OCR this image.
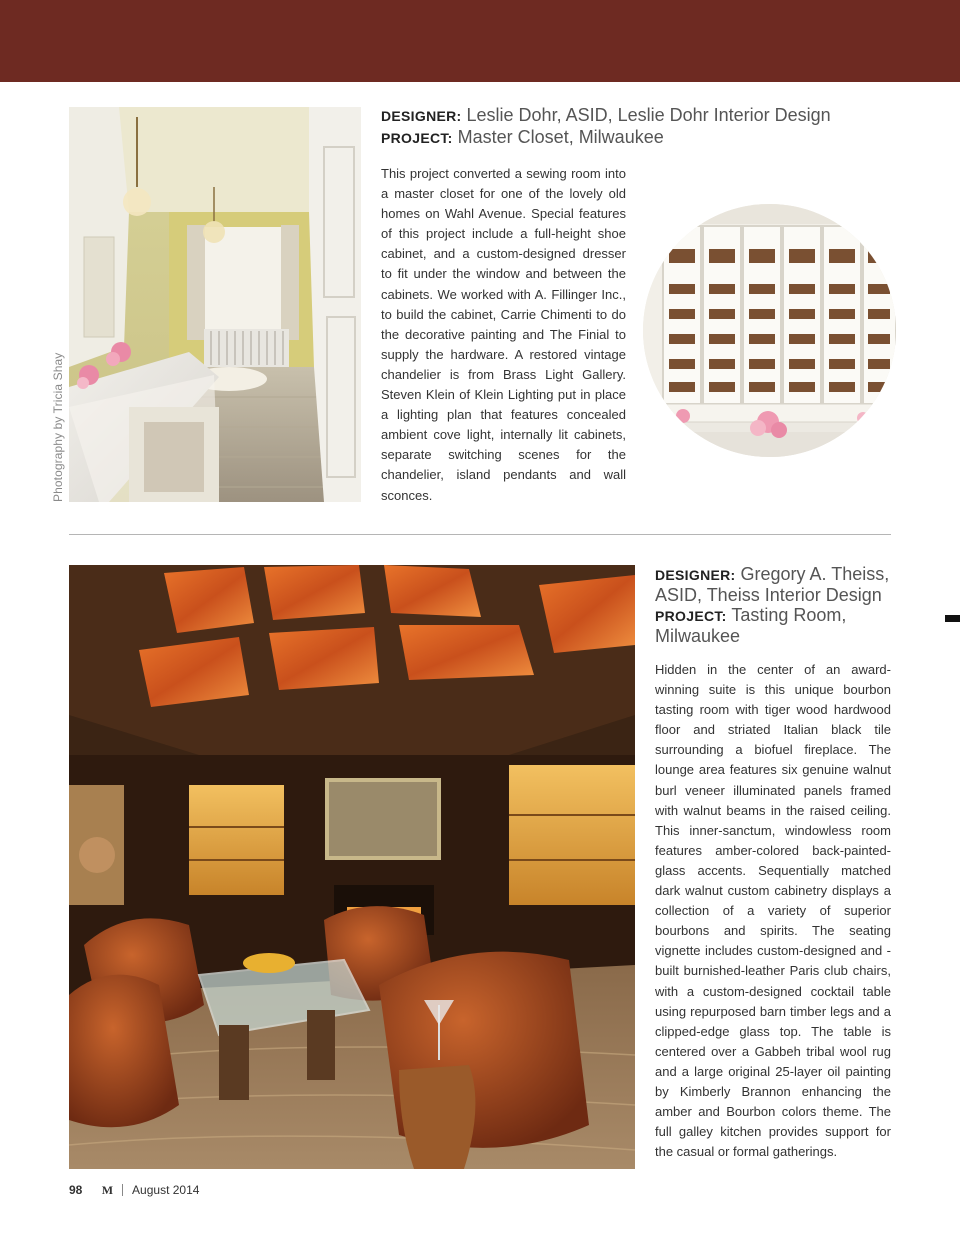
Photography by Tricia Shay
DESIGNER: Leslie Dohr, ASID, Leslie Dohr Interior Design
PROJECT: Master Closet, Milwaukee

This project converted a sewing room into a master closet for one of the lovely old homes on Wahl Avenue. Special features of this project include a full-height shoe cabinet, and a custom-designed dresser to fit under the window and between the cabinets. We worked with A. Fillinger Inc., to build the cabinet, Carrie Chimenti to do the decorative painting and The Finial to supply the hardware. A restored vintage chandelier is from Brass Light Gallery. Steven Klein of Klein Lighting put in place a lighting plan that features concealed ambient cove light, internally lit cabinets, separate switching scenes for the chandelier, island pendants and wall sconces.

DESIGNER: Gregory A. Theiss, ASID, Theiss Interior Design
PROJECT: Tasting Room, Milwaukee

Hidden in the center of an award-winning suite is this unique bourbon tasting room with tiger wood hardwood floor and striated Italian black tile surrounding a biofuel fireplace. The lounge area features six genuine walnut burl veneer illuminated panels framed with walnut beams in the raised ceiling. This inner-sanctum, windowless room features amber-colored back-painted-glass accents. Sequentially matched dark walnut custom cabinetry displays a collection of a variety of superior bourbons and spirits. The seating vignette includes custom-designed and -built burnished-leather Paris club chairs, with a custom-designed cocktail table using repurposed barn timber legs and a clipped-edge glass top. The table is centered over a Gabbeh tribal wool rug and a large original 25-layer oil painting by Kimberly Brannon enhancing the amber and Bourbon colors theme. The full galley kitchen provides support for the casual or formal gatherings.

98 M August 2014
